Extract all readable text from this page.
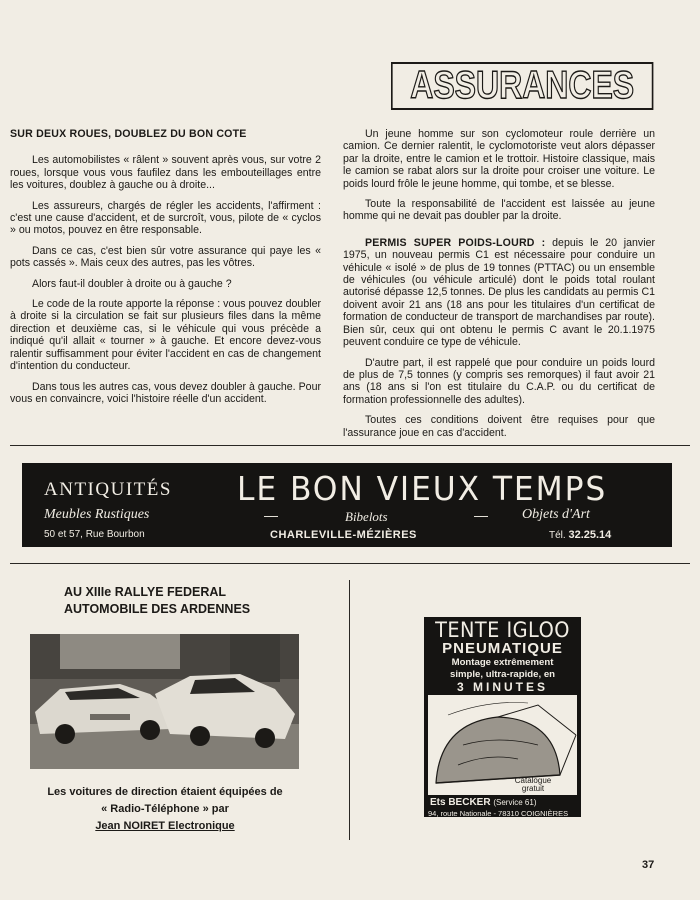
ASSURANCES
SUR DEUX ROUES, DOUBLEZ DU BON COTE

Les automobilistes « râlent » souvent après vous, sur votre 2 roues, lorsque vous vous faufilez dans les embouteillages entre les voitures, doublez à gauche ou à droite...

Les assureurs, chargés de régler les accidents, l'affirment : c'est une cause d'accident, et de surcroît, vous, pilote de « cyclos » ou motos, pouvez en être responsable.

Dans ce cas, c'est bien sûr votre assurance qui paye les « pots cassés ». Mais ceux des autres, pas les vôtres.

Alors faut-il doubler à droite ou à gauche ?

Le code de la route apporte la réponse : vous pouvez doubler à droite si la circulation se fait sur plusieurs files dans la même direction et deuxième cas, si le véhicule qui vous précède a indiqué qu'il allait « tourner » à gauche. Et encore devez-vous ralentir suffisamment pour éviter l'accident en cas de changement d'intention du conducteur.

Dans tous les autres cas, vous devez doubler à gauche. Pour vous en convaincre, voici l'histoire réelle d'un accident.

Un jeune homme sur son cyclomoteur roule derrière un camion. Ce dernier ralentit, le cyclomotoriste veut alors dépasser par la droite, entre le camion et le trottoir. Histoire classique, mais le camion se rabat alors sur la droite pour croiser une voiture. Le poids lourd frôle le jeune homme, qui tombe, et se blesse.

Toute la responsabilité de l'accident est laissée au jeune homme qui ne devait pas doubler par la droite.

PERMIS SUPER POIDS-LOURD : depuis le 20 janvier 1975, un nouveau permis C1 est nécessaire pour conduire un véhicule « isolé » de plus de 19 tonnes (PTTAC) ou un ensemble de véhicules (ou véhicule articulé) dont le poids total roulant autorisé dépasse 12,5 tonnes. De plus les candidats au permis C1 doivent avoir 21 ans (18 ans pour les titulaires d'un certificat de formation de conducteur de transport de marchandises par route). Bien sûr, ceux qui ont obtenu le permis C avant le 20.1.1975 peuvent conduire ce type de véhicule.

D'autre part, il est rappelé que pour conduire un poids lourd de plus de 7,5 tonnes (y compris ses remorques) il faut avoir 21 ans (18 ans si l'on est titulaire du C.A.P. ou du certificat de formation professionnelle des adultes).

Toutes ces conditions doivent être requises pour que l'assurance joue en cas d'accident.

ANTIQUITÉS
Meubles Rustiques
50 et 57, Rue Bourbon
LE BON VIEUX TEMPS
—	Bibelots	— Objets d'Art
CHARLEVILLE-MÉZIÈRES	Tél. 32.25.14
AU XIIIe RALLYE FEDERAL
AUTOMOBILE DES ARDENNES
Les voitures de direction étaient équipées de
« Radio-Téléphone » par
Jean NOIRET Electronique
TENTE IGLOO
PNEUMATIQUE
Montage extrêmement
simple, ultra-rapide, en
3 MINUTES
Catalogue gratuit
Ets BECKER (Service 61)
94, route Nationale - 78310 COIGNIÈRES
37
